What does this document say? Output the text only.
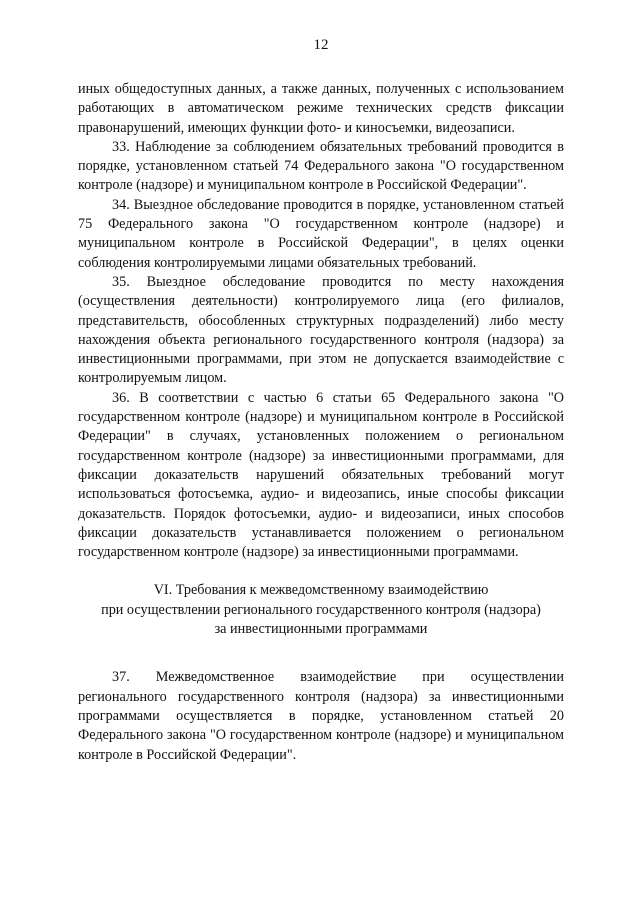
12

иных общедоступных данных, а также данных, полученных с использованием работающих в автоматическом режиме технических средств фиксации правонарушений, имеющих функции фото- и киносъемки, видеозаписи.

33. Наблюдение за соблюдением обязательных требований проводится в порядке, установленном статьей 74 Федерального закона "О государственном контроле (надзоре) и муниципальном контроле в Российской Федерации".

34. Выездное обследование проводится в порядке, установленном статьей 75 Федерального закона "О государственном контроле (надзоре) и муниципальном контроле в Российской Федерации", в целях оценки соблюдения контролируемыми лицами обязательных требований.

35. Выездное обследование проводится по месту нахождения (осуществления деятельности) контролируемого лица (его филиалов, представительств, обособленных структурных подразделений) либо месту нахождения объекта регионального государственного контроля (надзора) за инвестиционными программами, при этом не допускается взаимодействие с контролируемым лицом.

36. В соответствии с частью 6 статьи 65 Федерального закона "О государственном контроле (надзоре) и муниципальном контроле в Российской Федерации" в случаях, установленных положением о региональном государственном контроле (надзоре) за инвестиционными программами, для фиксации доказательств нарушений обязательных требований могут использоваться фотосъемка, аудио- и видеозапись, иные способы фиксации доказательств. Порядок фотосъемки, аудио- и видеозаписи, иных способов фиксации доказательств устанавливается положением о региональном государственном контроле (надзоре) за инвестиционными программами.

VI. Требования к межведомственному взаимодействию
при осуществлении регионального государственного контроля (надзора)
за инвестиционными программами

37. Межведомственное взаимодействие при осуществлении регионального государственного контроля (надзора) за инвестиционными программами осуществляется в порядке, установленном статьей 20 Федерального закона "О государственном контроле (надзоре) и муниципальном контроле в Российской Федерации".
